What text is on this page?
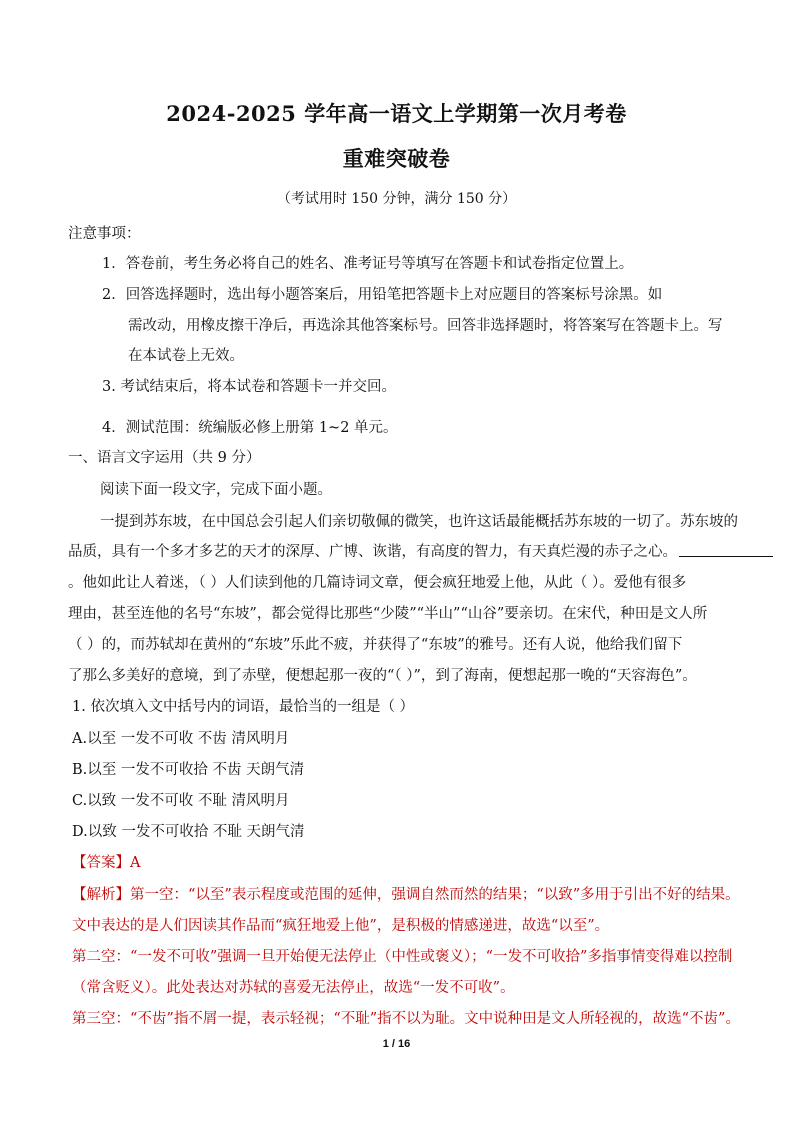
2024-2025 学年高一语文上学期第一次月考卷
重难突破卷
（考试用时 150 分钟，满分 150 分）
注意事项：
1．答卷前，考生务必将自己的姓名、准考证号等填写在答题卡和试卷指定位置上。
2．回答选择题时，选出每小题答案后，用铅笔把答题卡上对应题目的答案标号涂黑。如
需改动，用橡皮擦干净后，再选涂其他答案标号。回答非选择题时，将答案写在答题卡上。写
在本试卷上无效。
3. 考试结束后，将本试卷和答题卡一并交回。
4．测试范围：统编版必修上册第 1~2 单元。
一、语言文字运用（共 9 分）
阅读下面一段文字，完成下面小题。
一提到苏东坡，在中国总会引起人们亲切敬佩的微笑，也许这话最能概括苏东坡的一切了。苏东坡的
品质，具有一个多才多艺的天才的深厚、广博、诙谐，有高度的智力，有天真烂漫的赤子之心。
。他如此让人着迷，（ ）人们读到他的几篇诗词文章，便会疯狂地爱上他，从此（ ）。爱他有很多
理由，甚至连他的名号“东坡”，都会觉得比那些“少陵”“半山”“山谷”要亲切。在宋代，种田是文人所
（ ）的，而苏轼却在黄州的“东坡”乐此不疲，并获得了“东坡”的雅号。还有人说，他给我们留下
了那么多美好的意境，到了赤壁，便想起那一夜的“（ ）”，到了海南，便想起那一晚的“天容海色”。
1. 依次填入文中括号内的词语，最恰当的一组是（ ）
A.以至 一发不可收 不齿 清风明月
B.以至 一发不可收拾 不齿 天朗气清
C.以致 一发不可收 不耻 清风明月
D.以致 一发不可收拾 不耻 天朗气清
【答案】A
【解析】第一空：“以至”表示程度或范围的延伸，强调自然而然的结果；“以致”多用于引出不好的结果。
文中表达的是人们因读其作品而“疯狂地爱上他”，是积极的情感递进，故选“以至”。
第二空：“一发不可收”强调一旦开始便无法停止（中性或褒义）；“一发不可收拾”多指事情变得难以控制
（常含贬义）。此处表达对苏轼的喜爱无法停止，故选“一发不可收”。
第三空：“不齿”指不屑一提，表示轻视；“不耻”指不以为耻。文中说种田是文人所轻视的，故选“不齿”。
1 / 16
